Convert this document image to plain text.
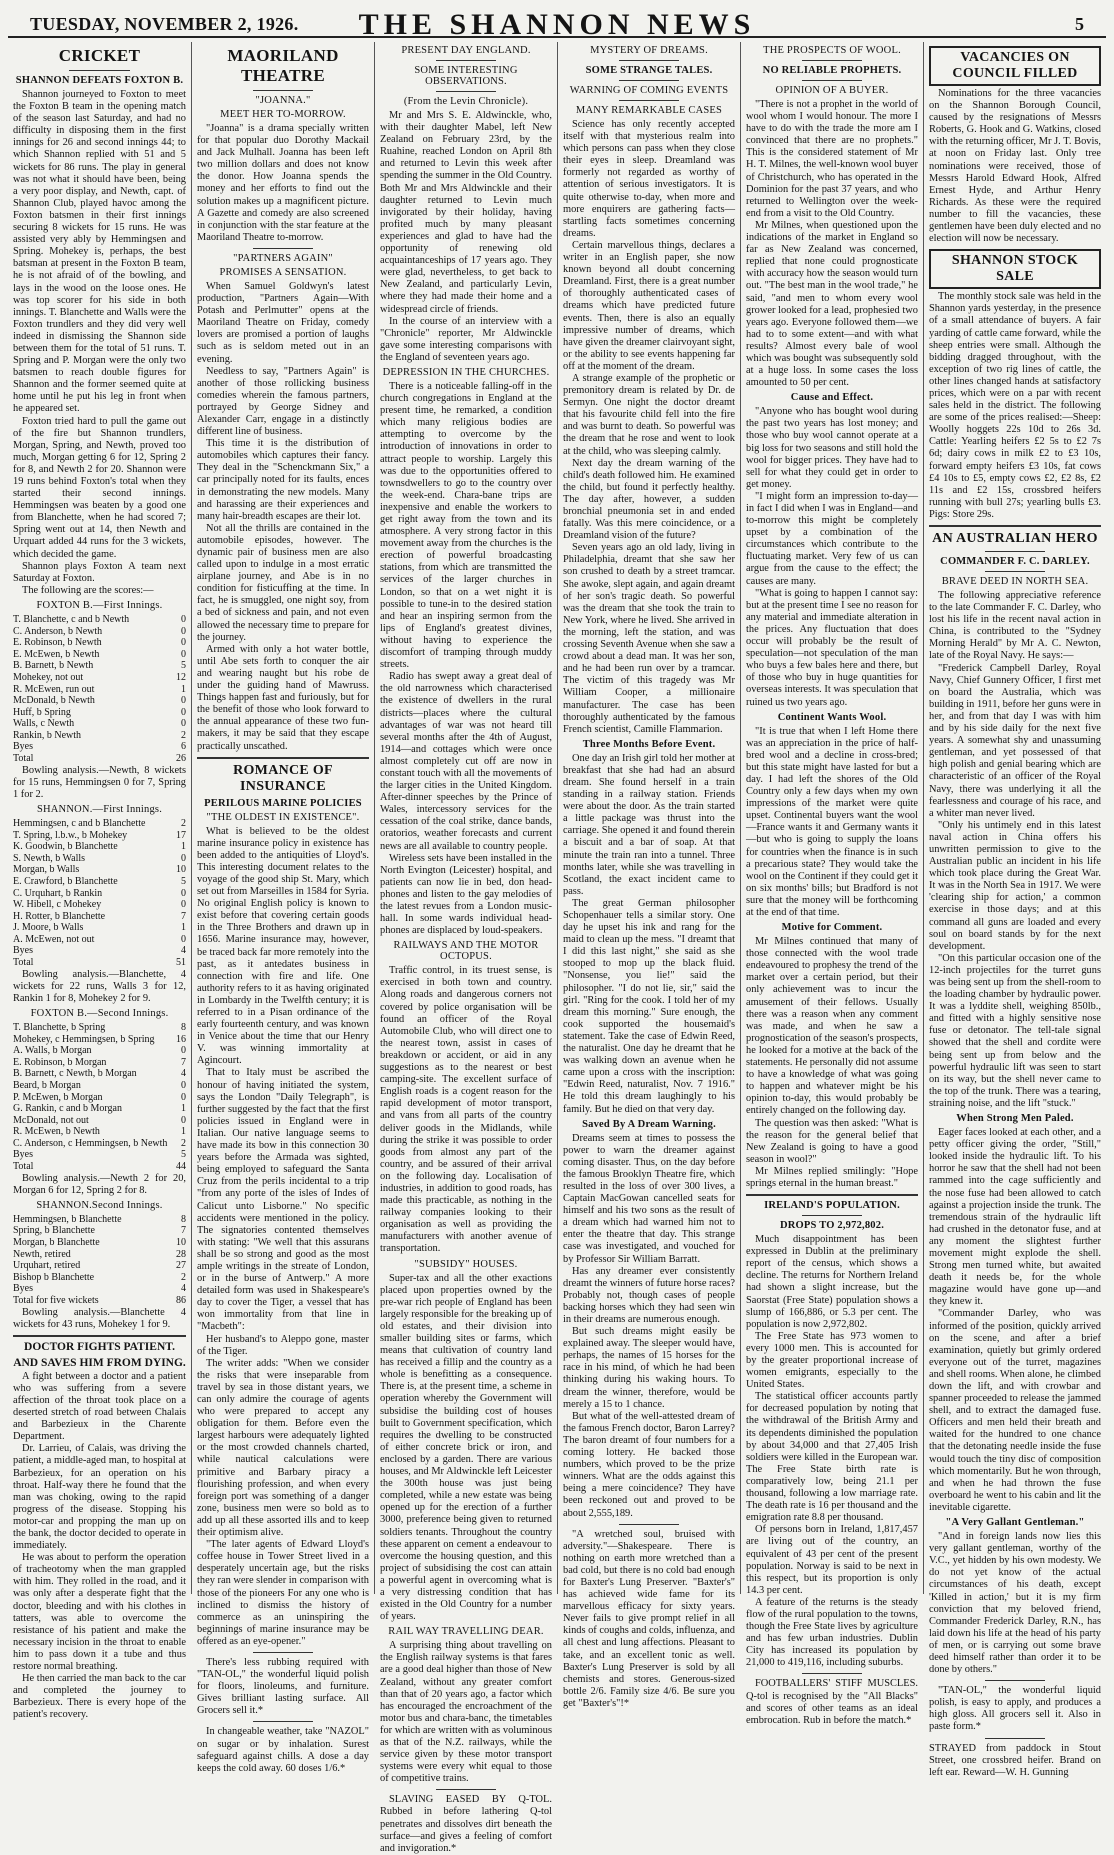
TUESDAY, NOVEMBER 2, 1926.	THE SHANNON NEWS	5
CRICKET
SHANNON DEFEATS FOXTON B.

Shannon journeyed to Foxton to meet the Foxton B team in the opening match of the season last Saturday, and had no difficulty in disposing them in the first innings for 26 and second innings 44; to which Shannon replied with 51 and 5 wickets for 86 runs. The play in general was not what it should have been, being a very poor display, and Newth, capt. of Shannon Club, played havoc among the Foxton batsmen in their first innings securing 8 wickets for 15 runs. He was assisted very ably by Hemmingsen and Spring. Mohekey is, perhaps, the best batsman at present in the Foxton B team, he is not afraid of of the bowling, and lays in the wood on the loose ones. He was top scorer for his side in both innings. T. Blanchette and Walls were the Foxton trundlers and they did very well indeed in dismissing the Shannon side between them for the total of 51 runs. T. Spring and P. Morgan were the only two batsmen to reach double figures for Shannon and the former seemed quite at home until he put his leg in front when he appeared set.

Foxton tried hard to pull the game out of the fire but Shannon trundlers, Morgan, Spring, and Newth, proved too much, Morgan getting 6 for 12, Spring 2 for 8, and Newth 2 for 20. Shannon were 19 runs behind Foxton's total when they started their second innings. Hemmingsen was beaten by a good one from Blanchette, when he had scored 7; Spring went out at 14, then Newth and Urquart added 44 runs for the 3 wickets, which decided the game.

Shannon plays Foxton A team next Saturday at Foxton.

The following are the scores:—

FOXTON B.—First Innings.
T. Blanchette, c and b Newth	0
C. Anderson, b Newth	0
E. Robinson, b Newth	0
E. McEwen, b Newth	0
B. Barnett, b Newth	5
Mohekey, not out	12
R. McEwen, run out	1
McDonald, b Newth	0
Huff, b Spring	0
Walls, c Newth	0
Rankin, b Newth	2
Byes	6
Total	26

Bowling analysis.—Newth, 8 wickets for 15 runs, Hemmingsen 0 for 7, Spring 1 for 2.

SHANNON.—First Innings.
Hemmingsen, c and b Blanchette	2
T. Spring, l.b.w., b Mohekey	17
K. Goodwin, b Blanchette	1
S. Newth, b Walls	0
Morgan, b Walls	10
E. Crawford, b Blanchette	5
C. Urquhart, b Rankin	0
W. Hibell, c Mohekey	0
H. Rotter, b Blanchette	7
J. Moore, b Walls	1
A. McEwen, not out	0
Byes	4
Total	51

Bowling analysis.—Blanchette, 4 wickets for 22 runs, Walls 3 for 12, Rankin 1 for 8, Mohekey 2 for 9.

FOXTON B.—Second Innings.
T. Blanchette, b Spring	8
Mohekey, c Hemmingsen, b Spring 16
A. Walls, b Morgan	0
E. Robinson, b Morgan	7
B. Barnett, c Newth, b Morgan	4
Beard, b Morgan	0
P. McEwen, b Morgan	0
G. Rankin, c and b Morgan	1
McDonald, not out	0
R. McEwen, b Newth	1
C. Anderson, c Hemmingsen, b Newth 2
Byes	5
Total	44

Bowling analysis.—Newth 2 for 20, Morgan 6 for 12, Spring 2 for 8.

SHANNON.Second Innings.
Hemmingsen, b Blanchette	8
Spring, b Blanchette	7
Morgan, b Blanchette	10
Newth, retired	28
Urquhart, retired	27
Bishop b Blanchette	2
Byes	4
Total for five wickets	86

Bowling analysis.—Blanchette 4 wickets for 43 runs, Mohekey 1 for 9.

DOCTOR FIGHTS PATIENT.
AND SAVES HIM FROM DYING.

A fight between a doctor and a patient who was suffering from a severe affection of the throat took place on a deserted stretch of road between Chalais and Barbezieux in the Charente Department.

Dr. Larrieu, of Calais, was driving the patient, a middle-aged man, to hospital at Barbezieux, for an operation on his throat. Half-way there he found that the man was choking, owing to the rapid progress of the disease. Stopping his motor-car and propping the man up on the bank, the doctor decided to operate in immediately.

He was about to perform the operation of tracheotomy when the man grappled with him. They rolled in the road, and it was only after a desperate fight that the doctor, bleeding and with his clothes in tatters, was able to overcome the resistance of his patient and make the necessary incision in the throat to enable him to pass down it a tube and thus restore normal breathing.

He then carried the man back to the car and completed the journey to Barbezieux. There is every hope of the patient's recovery.

MAORILAND THEATRE
"JOANNA."
MEET HER TO-MORROW.

"Joanna" is a drama specially written for that popular duo Dorothy Mackail and Jack Mulhall. Joanna has been left two million dollars and does not know the donor. How Joanna spends the money and her efforts to find out the solution makes up a magnificent picture. A Gazette and comedy are also screened in conjunction with the star feature at the Maoriland Theatre to-morrow.

"PARTNERS AGAIN"
PROMISES A SENSATION.

When Samuel Goldwyn's latest production, "Partners Again—With Potash and Perlmutter" opens at the Maoriland Theatre on Friday, comedy lovers are promised a portion of laughs such as is seldom meted out in an evening.

Needless to say, "Partners Again" is another of those rollicking business comedies wherein the famous partners, portrayed by George Sidney and Alexander Carr, engage in a distinctly different line of business.

This time it is the distribution of automobiles which captures their fancy. They deal in the "Schenckmann Six," a car principally noted for its faults, ences in demonstrating the new models. Many and harassing are their experiences and many hair-breadth escapes are their lot.

Not all the thrills are contained in the automobile episodes, however. The dynamic pair of business men are also called upon to indulge in a most erratic airplane journey, and Abe is in no condition for fisticuffing at the time. In fact, he is smuggled, one night soy, from a bed of sickness and pain, and not even allowed the necessary time to prepare for the journey.

Armed with only a hot water bottle, until Abe sets forth to conquer the air and wearing naught but his robe de under the guiding hand of Mawruss. Things happen fast and furiously, but for the benefit of those who look forward to the annual appearance of these two fun-makers, it may be said that they escape practically unscathed.

ROMANCE OF INSURANCE
PERILOUS MARINE POLICIES
"THE OLDEST IN EXISTENCE".

What is believed to be the oldest marine insurance policy in existence has been added to the antiquities of Lloyd's. This interesting document relates to the voyage of the good ship St. Mary, which set out from Marseilles in 1584 for Syria. No original English policy is known to exist before that covering certain goods in the Three Brothers and drawn up in 1656. Marine insurance may, however, be traced back far more remotely into the past, as it antedates business in connection with fire and life. One authority refers to it as having originated in Lombardy in the Twelfth century; it is referred to in a Pisan ordinance of the early fourteenth century, and was known in Venice about the time that our Henry V. was winning immortality at Agincourt.

That to Italy must be ascribed the honour of having initiated the system, says the London "Daily Telegraph", is further suggested by the fact that the first policies issued in England were in Italian. Our native language seems to have made its bow in this connection 30 years before the Armada was sighted, being employed to safeguard the Santa Cruz from the perils incidental to a trip "from any porte of the isles of Indes of Calicut unto Lisborne." No specific accidents were mentioned in the policy. The signatories contented themselves with stating: "We well that this assurans shall be so strong and good as the most ample writings in the streate of London, or in the burse of Antwerp." A more detailed form was used in Shakespeare's day to cover the Tiger, a vessel that has won immortality from that line in "Macbeth":

Her husband's to Aleppo gone, master of the Tiger.

The writer adds: "When we consider the risks that were inseparable from travel by sea in those distant years, we can only admire the courage of agents who were prepared to accept any obligation for them. Before even the largest harbours were adequately lighted or the most crowded channels charted, while nautical calculations were primitive and Barbary piracy a flourishing profession, and when every foreign port was something of a danger zone, business men were so bold as to add up all these assorted ills and to keep their optimism alive.

"The later agents of Edward Lloyd's coffee house in Tower Street lived in a desperately uncertain age, but the risks they ran were slender in comparison with those of the pioneers For any one who is inclined to dismiss the history of commerce as an uninspiring the beginnings of marine insurance may be offered as an eye-opener."

There's less rubbing required with "TAN-OL," the wonderful liquid polish for floors, linoleums, and furniture. Gives brilliant lasting surface. All Grocers sell it.*

In changeable weather, take "NAZOL" on sugar or by inhalation. Surest safeguard against chills. A dose a day keeps the cold away. 60 doses 1/6.*

PRESENT DAY ENGLAND.
SOME INTERESTING OBSERVATIONS.
(From the Levin Chronicle).

Mr and Mrs S. E. Aldwinckle, who, with their daughter Mabel, left New Zealand on February 23rd, by the Ruahine, reached London on April 8th and returned to Levin this week after spending the summer in the Old Country. Both Mr and Mrs Aldwinckle and their daughter returned to Levin much invigorated by their holiday, having profited much by many pleasant experiences and glad to have had the opportunity of renewing old acquaintanceships of 17 years ago. They were glad, nevertheless, to get back to New Zealand, and particularly Levin, where they had made their home and a widespread circle of friends.

In the course of an interview with a "Chronicle" reporter, Mr Aldwinckle gave some interesting comparisons with the England of seventeen years ago.

DEPRESSION IN THE CHURCHES.

There is a noticeable falling-off in the church congregations in England at the present time, he remarked, a condition which many religious bodies are attempting to overcome by the introduction of innovations in order to attract people to worship. Largely this was due to the opportunities offered to townsdwellers to go to the country over the week-end. Chara-bane trips are inexpensive and enable the workers to get right away from the town and its atmosphere. A very strong factor in this movement away from the churches is the erection of powerful broadcasting stations, from which are transmitted the services of the larger churches in London, so that on a wet night it is possible to tune-in to the desired station and hear an inspiring sermon from the lips of England's greatest divines, without having to experience the discomfort of tramping through muddy streets.

Radio has swept away a great deal of the old narrowness which characterised the existence of dwellers in the rural districts—places where the cultural advantages of war was not heard till several months after the 4th of August, 1914—and cottages which were once almost completely cut off are now in constant touch with all the movements of the larger cities in the United Kingdom. After-dinner speeches by the Prince of Wales, intercessory services for the cessation of the coal strike, dance bands, oratorios, weather forecasts and current news are all available to country people.

Wireless sets have been installed in the North Evington (Leicester) hospital, and patients can now lie in bed, don head-phones and listen to the gay melodies of the latest revues from a London music-hall. In some wards individual head-phones are displaced by loud-speakers.

RAILWAYS AND THE MOTOR OCTOPUS.

Traffic control, in its truest sense, is exercised in both town and country. Along roads and dangerous corners not covered by police organisation will be found an officer of the Royal Automobile Club, who will direct one to the nearest town, assist in cases of breakdown or accident, or aid in any suggestions as to the nearest or best camping-site. The excellent surface of English roads is a cogent reason for the rapid development of motor transport, and vans from all parts of the country deliver goods in the Midlands, while during the strike it was possible to order goods from almost any part of the country, and be assured of their arrival on the following day. Localisation of industries, in addition to good roads, has made this practicable, as nothing in the railway companies looking to their organisation as well as providing the manufacturers with another avenue of transportation.

"SUBSIDY" HOUSES.

Super-tax and all the other exactions placed upon properties owned by the pre-war rich people of England has been largely responsible for the breaking up of old estates, and their division into smaller building sites or farms, which means that cultivation of country land has received a fillip and the country as a whole is benefitting as a consequence. There is, at the present time, a scheme in operation whereby the Government will subsidise the building cost of houses built to Government specification, which requires the dwelling to be constructed of either concrete brick or iron, and enclosed by a garden. There are various houses, and Mr Aldwinckle left Leicester the 300th house was just being completed, while a new estate was being opened up for the erection of a further 3000, preference being given to returned soldiers tenants. Throughout the country these apparent on cement a endeavour to overcome the housing question, and this project of subsidising the cost can attain a powerful agent in overcoming what is a very distressing condition that has existed in the Old Country for a number of years.

RAIL WAY TRAVELLING DEAR.

A surprising thing about travelling on the English railway systems is that fares are a good deal higher than those of New Zealand, without any greater comfort than that of 20 years ago, a factor which has encouraged the encroachment of the motor bus and chara-banc, the timetables for which are written with as voluminous as that of the N.Z. railways, while the service given by these motor transport systems were every whit equal to those of competitive trains.

SLAVING EASED BY Q-TOL. Rubbed in before lathering Q-tol penetrates and dissolves dirt beneath the surface—and gives a feeling of comfort and invigoration.*

MYSTERY OF DREAMS.
SOME STRANGE TALES.
WARNING OF COMING EVENTS
MANY REMARKABLE CASES

Science has only recently accepted itself with that mysterious realm into which persons can pass when they close their eyes in sleep. Dreamland was formerly not regarded as worthy of attention of serious investigators. It is quite otherwise to-day, when more and more enquirers are gathering facts—startling facts sometimes concerning dreams.

Certain marvellous things, declares a writer in an English paper, she now known beyond all doubt concerning Dreamland. First, there is a great number of thoroughly authenticated cases of dreams which have predicted future events. Then, there is also an equally impressive number of dreams, which have given the dreamer clairvoyant sight, or the ability to see events happening far off at the moment of the dream.

A strange example of the prophetic or premonitory dream is related by Dr. de Sermyn. One night the doctor dreamt that his favourite child fell into the fire and was burnt to death. So powerful was the dream that he rose and went to look at the child, who was sleeping calmly.

Next day the dream warning of the child's death followed him. He examined the child, but found it perfectly healthy. The day after, however, a sudden bronchial pneumonia set in and ended fatally. Was this mere coincidence, or a Dreamland vision of the future?

Seven years ago an old lady, living in Philadelphia, dreamt that she saw her son crushed to death by a street tramcar. She awoke, slept again, and again dreamt of her son's tragic death. So powerful was the dream that she took the train to New York, where he lived. She arrived in the morning, left the station, and was crossing Seventh Avenue when she saw a crowd about a dead man. It was her son, and he had been run over by a tramcar. The victim of this tragedy was Mr William Cooper, a millionaire manufacturer. The case has been thoroughly authenticated by the famous French scientist, Camille Flammarion.

Three Months Before Event.

One day an Irish girl told her mother at breakfast that she had had an absurd dream. She found herself in a train standing in a railway station. Friends were about the door. As the train started a little package was thrust into the carriage. She opened it and found therein a biscuit and a bar of soap. At that minute the train ran into a tunnel. Three months later, while she was travelling in Scotland, the exact incident came to pass.

The great German philosopher Schopenhauer tells a similar story. One day he upset his ink and rang for the maid to clean up the mess. "I dreamt that I did this last night," she said as she stooped to mop up the black fluid. "Nonsense, you lie!" said the philosopher. "I do not lie, sir," said the girl. "Ring for the cook. I told her of my dream this morning." Sure enough, the cook supported the housemaid's statement. Take the case of Edwin Reed, the naturalist. One day he dreamt that he was walking down an avenue when he came upon a cross with the inscription: "Edwin Reed, naturalist, Nov. 7 1916." He told this dream laughingly to his family. But he died on that very day.

Saved By A Dream Warning.

Dreams seem at times to possess the power to warn the dreamer against coming disaster. Thus, on the day before the famous Brooklyn Theatre fire, which resulted in the loss of over 300 lives, a Captain MacGowan cancelled seats for himself and his two sons as the result of a dream which had warned him not to enter the theatre that day. This strange case was investigated, and vouched for by Professor Sir William Barratt.

Has any dreamer ever consistently dreamt the winners of future horse races? Probably not, though cases of people backing horses which they had seen win in their dreams are numerous enough.

But such dreams might easily be explained away. The sleeper would have, perhaps, the names of 15 horses for the race in his mind, of which he had been thinking during his waking hours. To dream the winner, therefore, would be merely a 15 to 1 chance.

But what of the well-attested dream of the famous French doctor, Baron Larrey? The baron dreamt of four numbers for a coming lottery. He backed those numbers, which proved to be the prize winners. What are the odds against this being a mere coincidence? They have been reckoned out and proved to be about 2,555,189.

"A wretched soul, bruised with adversity."—Shakespeare. There is nothing on earth more wretched than a bad cold, but there is no cold bad enough for Baxter's Lung Preserver. "Baxter's" has achieved wide fame for its marvellous efficacy for sixty years. Never fails to give prompt relief in all kinds of coughs and colds, influenza, and all chest and lung affections. Pleasant to take, and an excellent tonic as well. Baxter's Lung Preserver is sold by all chemists and stores. Generous-sized bottle 2/6. Family size 4/6. Be sure you get "Baxter's"!*

THE PROSPECTS OF WOOL.
NO RELIABLE PROPHETS.
OPINION OF A BUYER.

"There is not a prophet in the world of wool whom I would honour. The more I have to do with the trade the more am I convinced that there are no prophets." This is the considered statement of Mr H. T. Milnes, the well-known wool buyer of Christchurch, who has operated in the Dominion for the past 37 years, and who returned to Wellington over the week-end from a visit to the Old Country.

Mr Milnes, when questioned upon the indications of the market in England so far as New Zealand was concerned, replied that none could prognosticate with accuracy how the season would turn out. "The best man in the wool trade," he said, "and men to whom every wool grower looked for a lead, prophesied two years ago. Everyone followed them—we had to to some extent—and with what results? Almost every bale of wool which was bought was subsequently sold at a huge loss. In some cases the loss amounted to 50 per cent.

Cause and Effect.

"Anyone who has bought wool during the past two years has lost money; and those who buy wool cannot operate at a big loss for two seasons and still hold the wool for bigger prices. They have had to sell for what they could get in order to get money.

"I might form an impression to-day—in fact I did when I was in England—and to-morrow this might be completely upset by a combination of the circumstances which contribute to the fluctuating market. Very few of us can argue from the cause to the effect; the causes are many.

"What is going to happen I cannot say: but at the present time I see no reason for any material and immediate alteration in the prices. Any fluctuation that does occur will probably be the result of speculation—not speculation of the man who buys a few bales here and there, but of those who buy in huge quantities for overseas interests. It was speculation that ruined us two years ago.

Continent Wants Wool.

"It is true that when I left Home there was an appreciation in the price of half-bred wool and a decline in cross-bred; but this state might have lasted for but a day. I had left the shores of the Old Country only a few days when my own impressions of the market were quite upset. Continental buyers want the wool—France wants it and Germany wants it—but who is going to supply the loans for countries when the finance is in such a precarious state? They would take the wool on the Continent if they could get it on six months' bills; but Bradford is not sure that the money will be forthcoming at the end of that time.

Motive for Comment.

Mr Milnes continued that many of those connected with the wool trade endeavoured to prophesy the trend of the market over a certain period, but their only achievement was to incur the amusement of their fellows. Usually there was a reason when any comment was made, and when he saw a prognostication of the season's prospects, he looked for a motive at the back of the statements. He personally did not assume to have a knowledge of what was going to happen and whatever might be his opinion to-day, this would probably be entirely changed on the following day.

The question was then asked: "What is the reason for the general belief that New Zealand is going to have a good season in wool?"

Mr Milnes replied smilingly: "Hope springs eternal in the human breast."

IRELAND'S POPULATION.
DROPS TO 2,972,802.

Much disappointment has been expressed in Dublin at the preliminary report of the census, which shows a decline. The returns for Northern Ireland had shown a slight increase, but the Saorstat (Free State) population shows a slump of 166,886, or 5.3 per cent. The population is now 2,972,802.

The Free State has 973 women to every 1000 men. This is accounted for by the greater proportional increase of women emigrants, especially to the United States.

The statistical officer accounts partly for decreased population by noting that the withdrawal of the British Army and its dependents diminished the population by about 34,000 and that 27,405 Irish soldiers were killed in the European war. The Free State birth rate is comparatively low, being 21.1 per thousand, following a low marriage rate. The death rate is 16 per thousand and the emigration rate 8.8 per thousand.

Of persons born in Ireland, 1,817,457 are living out of the country, an equivalent of 43 per cent of the present population. Norway is said to be next in this respect, but its proportion is only 14.3 per cent.

A feature of the returns is the steady flow of the rural population to the towns, though the Free State lives by agriculture and has few urban industries. Dublin City has increased its population by 21,000 to 419,116, including suburbs.

FOOTBALLERS' STIFF MUSCLES. Q-tol is recognised by the "All Blacks" and scores of other teams as an ideal embrocation. Rub in before the match.*

VACANCIES ON COUNCIL FILLED

Nominations for the three vacancies on the Shannon Borough Council, caused by the resignations of Messrs Roberts, G. Hook and G. Watkins, closed with the returning officer, Mr J. T. Bovis, at noon on Friday last. Only tree nominations were received, those of Messrs Harold Edward Hook, Alfred Ernest Hyde, and Arthur Henry Richards. As these were the required number to fill the vacancies, these gentlemen have been duly elected and no election will now be necessary.

SHANNON STOCK SALE

The monthly stock sale was held in the Shannon yards yesterday, in the presence of a small attendance of buyers. A fair yarding of cattle came forward, while the sheep entries were small. Although the bidding dragged throughout, with the exception of two rig lines of cattle, the other lines changed hands at satisfactory prices, which were on a par with recent sales held in the district. The following are some of the prices realised:—Sheep: Woolly hoggets 22s 10d to 26s 3d. Cattle: Yearling heifers £2 5s to £2 7s 6d; dairy cows in milk £2 to £3 10s, forward empty heifers £3 10s, fat cows £4 10s to £5, empty cows £2, £2 8s, £2 11s and £2 15s, crossbred heifers running with bull 27s; yearling bulls £3. Pigs: Store 29s.

AN AUSTRALIAN HERO
COMMANDER F. C. DARLEY.
BRAVE DEED IN NORTH SEA.

The following appreciative reference to the late Commander F. C. Darley, who lost his life in the recent naval action in China, is contributed to the "Sydney Morning Herald" by Mr A. C. Newton, late of the Royal Navy. He says:—

"Frederick Campbell Darley, Royal Navy, Chief Gunnery Officer, I first met on board the Australia, which was building in 1911, before her guns were in her, and from that day I was with him and by his side daily for the next five years. A somewhat shy and unassuming gentleman, and yet possessed of that high polish and genial bearing which are characteristic of an officer of the Royal Navy, there was underlying it all the fearlessness and courage of his race, and a whiter man never lived.

"Only his untimely end in this latest naval action in China offers his unwritten permission to give to the Australian public an incident in his life which took place during the Great War. It was in the North Sea in 1917. We were 'clearing ship for action,' a common exercise in those days; and at this command all guns are loaded and every soul on board stands by for the next development.

"On this particular occasion one of the 12-inch projectiles for the turret guns was being sent up from the shell-room to the loading chamber by hydraulic power. It was a lyddite shell, weighing 850lb., and fitted with a highly sensitive nose fuse or detonator. The tell-tale signal showed that the shell and cordite were being sent up from below and the powerful hydraulic lift was seen to start on its way, but the shell never came to the top of the trunk. There was a tearing, straining noise, and the lift "stuck."

When Strong Men Paled.

Eager faces looked at each other, and a petty officer giving the order, "Still," looked inside the hydraulic lift. To his horror he saw that the shell had not been rammed into the cage sufficiently and the nose fuse had been allowed to catch against a projection inside the trunk. The tremendous strain of the hydraulic lift had crushed in the detonator fuse, and at any moment the slightest further movement might explode the shell. Strong men turned white, but awaited death it needs be, for the whole magazine would have gone up—and they knew it.

"Commander Darley, who was informed of the position, quickly arrived on the scene, and after a brief examination, quietly but grimly ordered everyone out of the turret, magazines and shell rooms. When alone, he climbed down the lift, and with crowbar and spanner proceeded to release the jammed shell, and to extract the damaged fuse. Officers and men held their breath and waited for the hundred to one chance that the detonating needle inside the fuse would touch the tiny disc of composition which momentarily. But he won through, and when he had thrown the fuse overboard he went to his cabin and lit the inevitable cigarette.

"A Very Gallant Gentleman."

"And in foreign lands now lies this very gallant gentleman, worthy of the V.C., yet hidden by his own modesty. We do not yet know of the actual circumstances of his death, except 'Killed in action,' but it is my firm conviction that my beloved friend, Commander Frederick Darley, R.N., has laid down his life at the head of his party of men, or is carrying out some brave deed himself rather than order it to be done by others."

"TAN-OL," the wonderful liquid polish, is easy to apply, and produces a high gloss. All grocers sell it. Also in paste form.*

STRAYED from paddock in Stout Street, one crossbred heifer. Brand on left ear. Reward—W. H. Gunning
